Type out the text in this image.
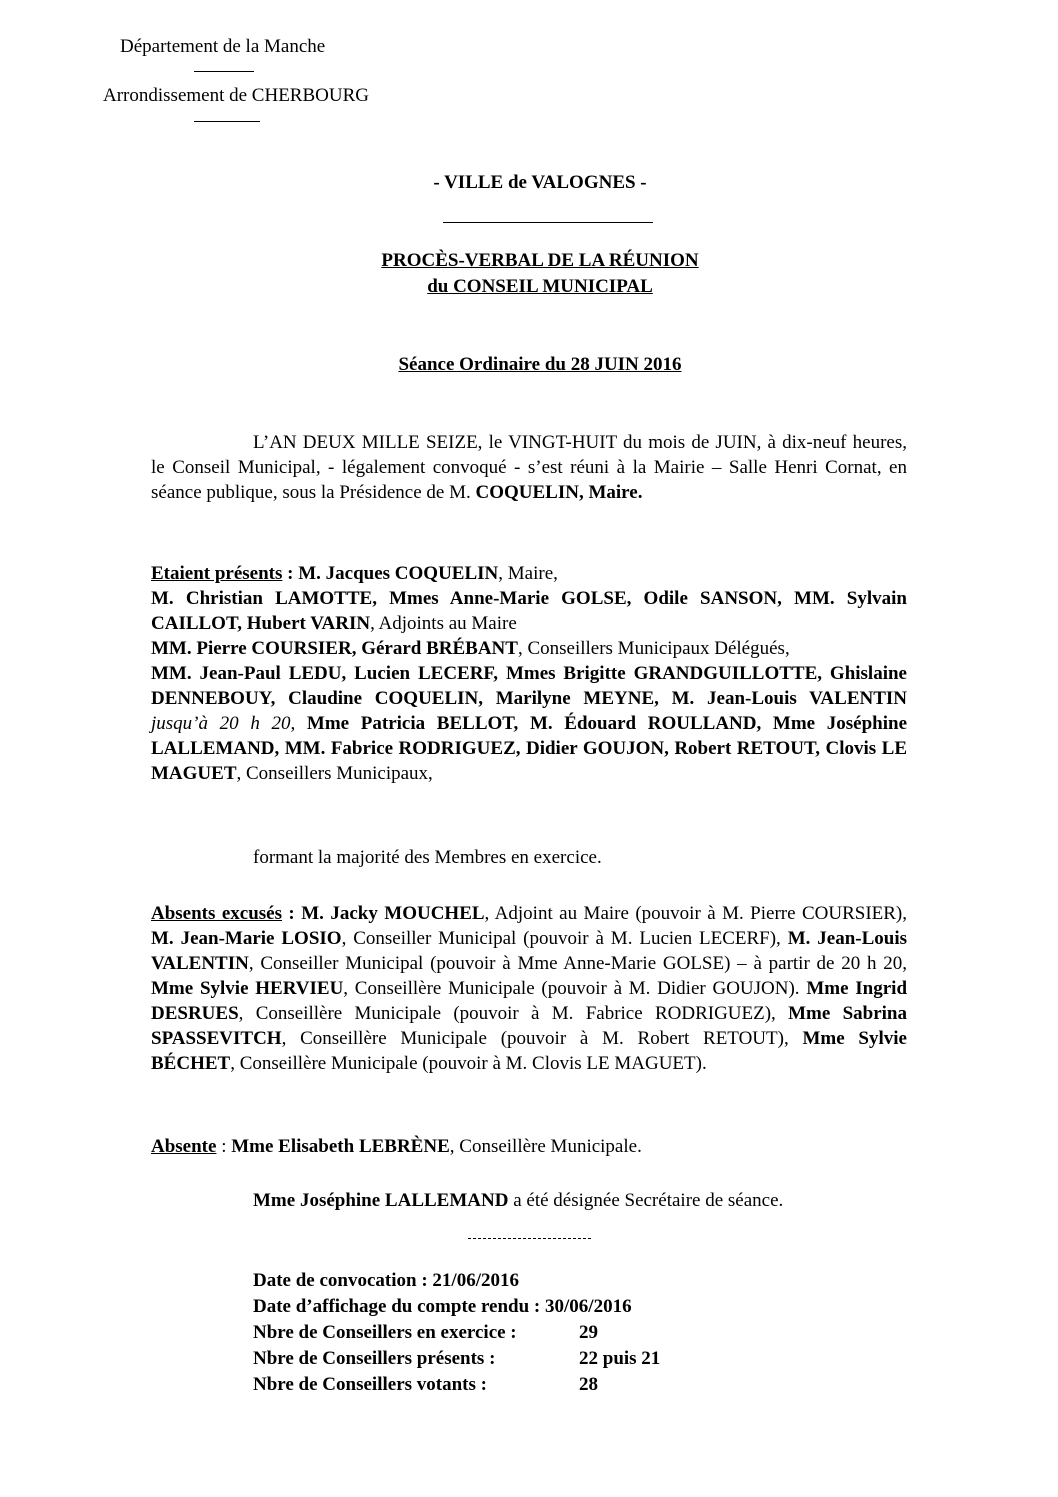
Département de la Manche
Arrondissement de CHERBOURG
- VILLE de VALOGNES -
PROCÈS-VERBAL DE LA RÉUNION
du CONSEIL MUNICIPAL
Séance Ordinaire du 28 JUIN 2016
L’AN DEUX MILLE SEIZE, le VINGT-HUIT du mois de JUIN, à dix-neuf heures, le Conseil Municipal, - légalement convoqué - s’est réuni à la Mairie – Salle Henri Cornat, en séance publique, sous la Présidence de M. COQUELIN, Maire.
Etaient présents : M. Jacques COQUELIN, Maire,
M. Christian LAMOTTE, Mmes Anne-Marie GOLSE, Odile SANSON, MM. Sylvain CAILLOT, Hubert VARIN, Adjoints au Maire
MM. Pierre COURSIER, Gérard BRÉBANT, Conseillers Municipaux Délégués,
MM. Jean-Paul LEDU, Lucien LECERF, Mmes Brigitte GRANDGUILLOTTE, Ghislaine DENNEBOUY, Claudine COQUELIN, Marilyne MEYNE, M. Jean-Louis VALENTIN jusqu’à 20 h 20, Mme Patricia BELLOT, M. Édouard ROULLAND, Mme Joséphine LALLEMAND, MM. Fabrice RODRIGUEZ, Didier GOUJON, Robert RETOUT, Clovis LE MAGUET, Conseillers Municipaux,
formant la majorité des Membres en exercice.
Absents excusés : M. Jacky MOUCHEL, Adjoint au Maire (pouvoir à M. Pierre COURSIER), M. Jean-Marie LOSIO, Conseiller Municipal (pouvoir à M. Lucien LECERF), M. Jean-Louis VALENTIN, Conseiller Municipal (pouvoir à Mme Anne-Marie GOLSE) – à partir de 20 h 20, Mme Sylvie HERVIEU, Conseillère Municipale (pouvoir à M. Didier GOUJON). Mme Ingrid DESRUES, Conseillère Municipale (pouvoir à M. Fabrice RODRIGUEZ), Mme Sabrina SPASSEVITCH, Conseillère Municipale (pouvoir à M. Robert RETOUT), Mme Sylvie BÉCHET, Conseillère Municipale (pouvoir à M. Clovis LE MAGUET).
Absente : Mme Elisabeth LEBRÈNE, Conseillère Municipale.
Mme Joséphine LALLEMAND a été désignée Secrétaire de séance.
Date de convocation : 21/06/2016
Date d’affichage du compte rendu : 30/06/2016
Nbre de Conseillers en exercice :	29
Nbre de Conseillers présents :	22 puis 21
Nbre de Conseillers votants :	28
